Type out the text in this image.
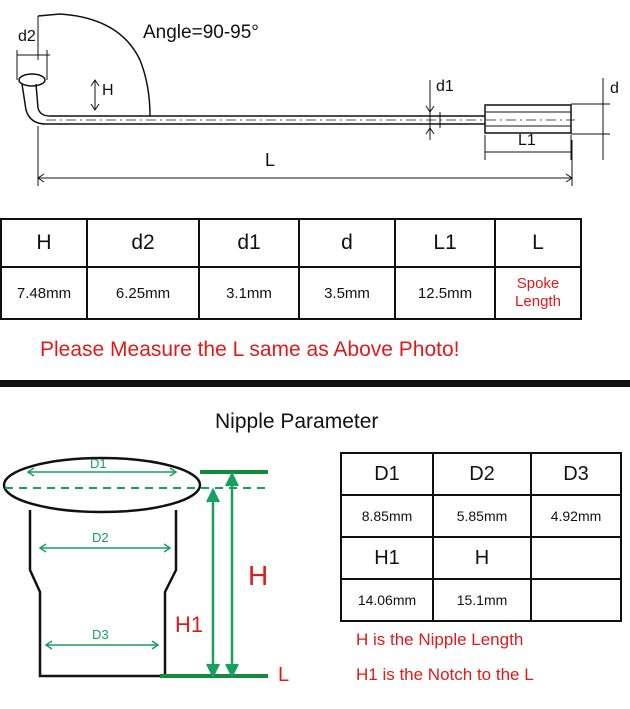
Angle=90-95°
d2
H	d1	d
L1
L
H	d2	d1	d	L1	L
7.48mm	6.25mm	3.1mm	3.5mm	12.5mm	Spoke
Length
Please Measure the L same as Above Photo!
Nipple Parameter
D1
D2
D3
H
H1
L
D1	D2	D3
8.85mm	5.85mm	4.92mm
H1	H	
14.06mm	15.1mm	
H is the Nipple Length
H1 is the Notch to the L
